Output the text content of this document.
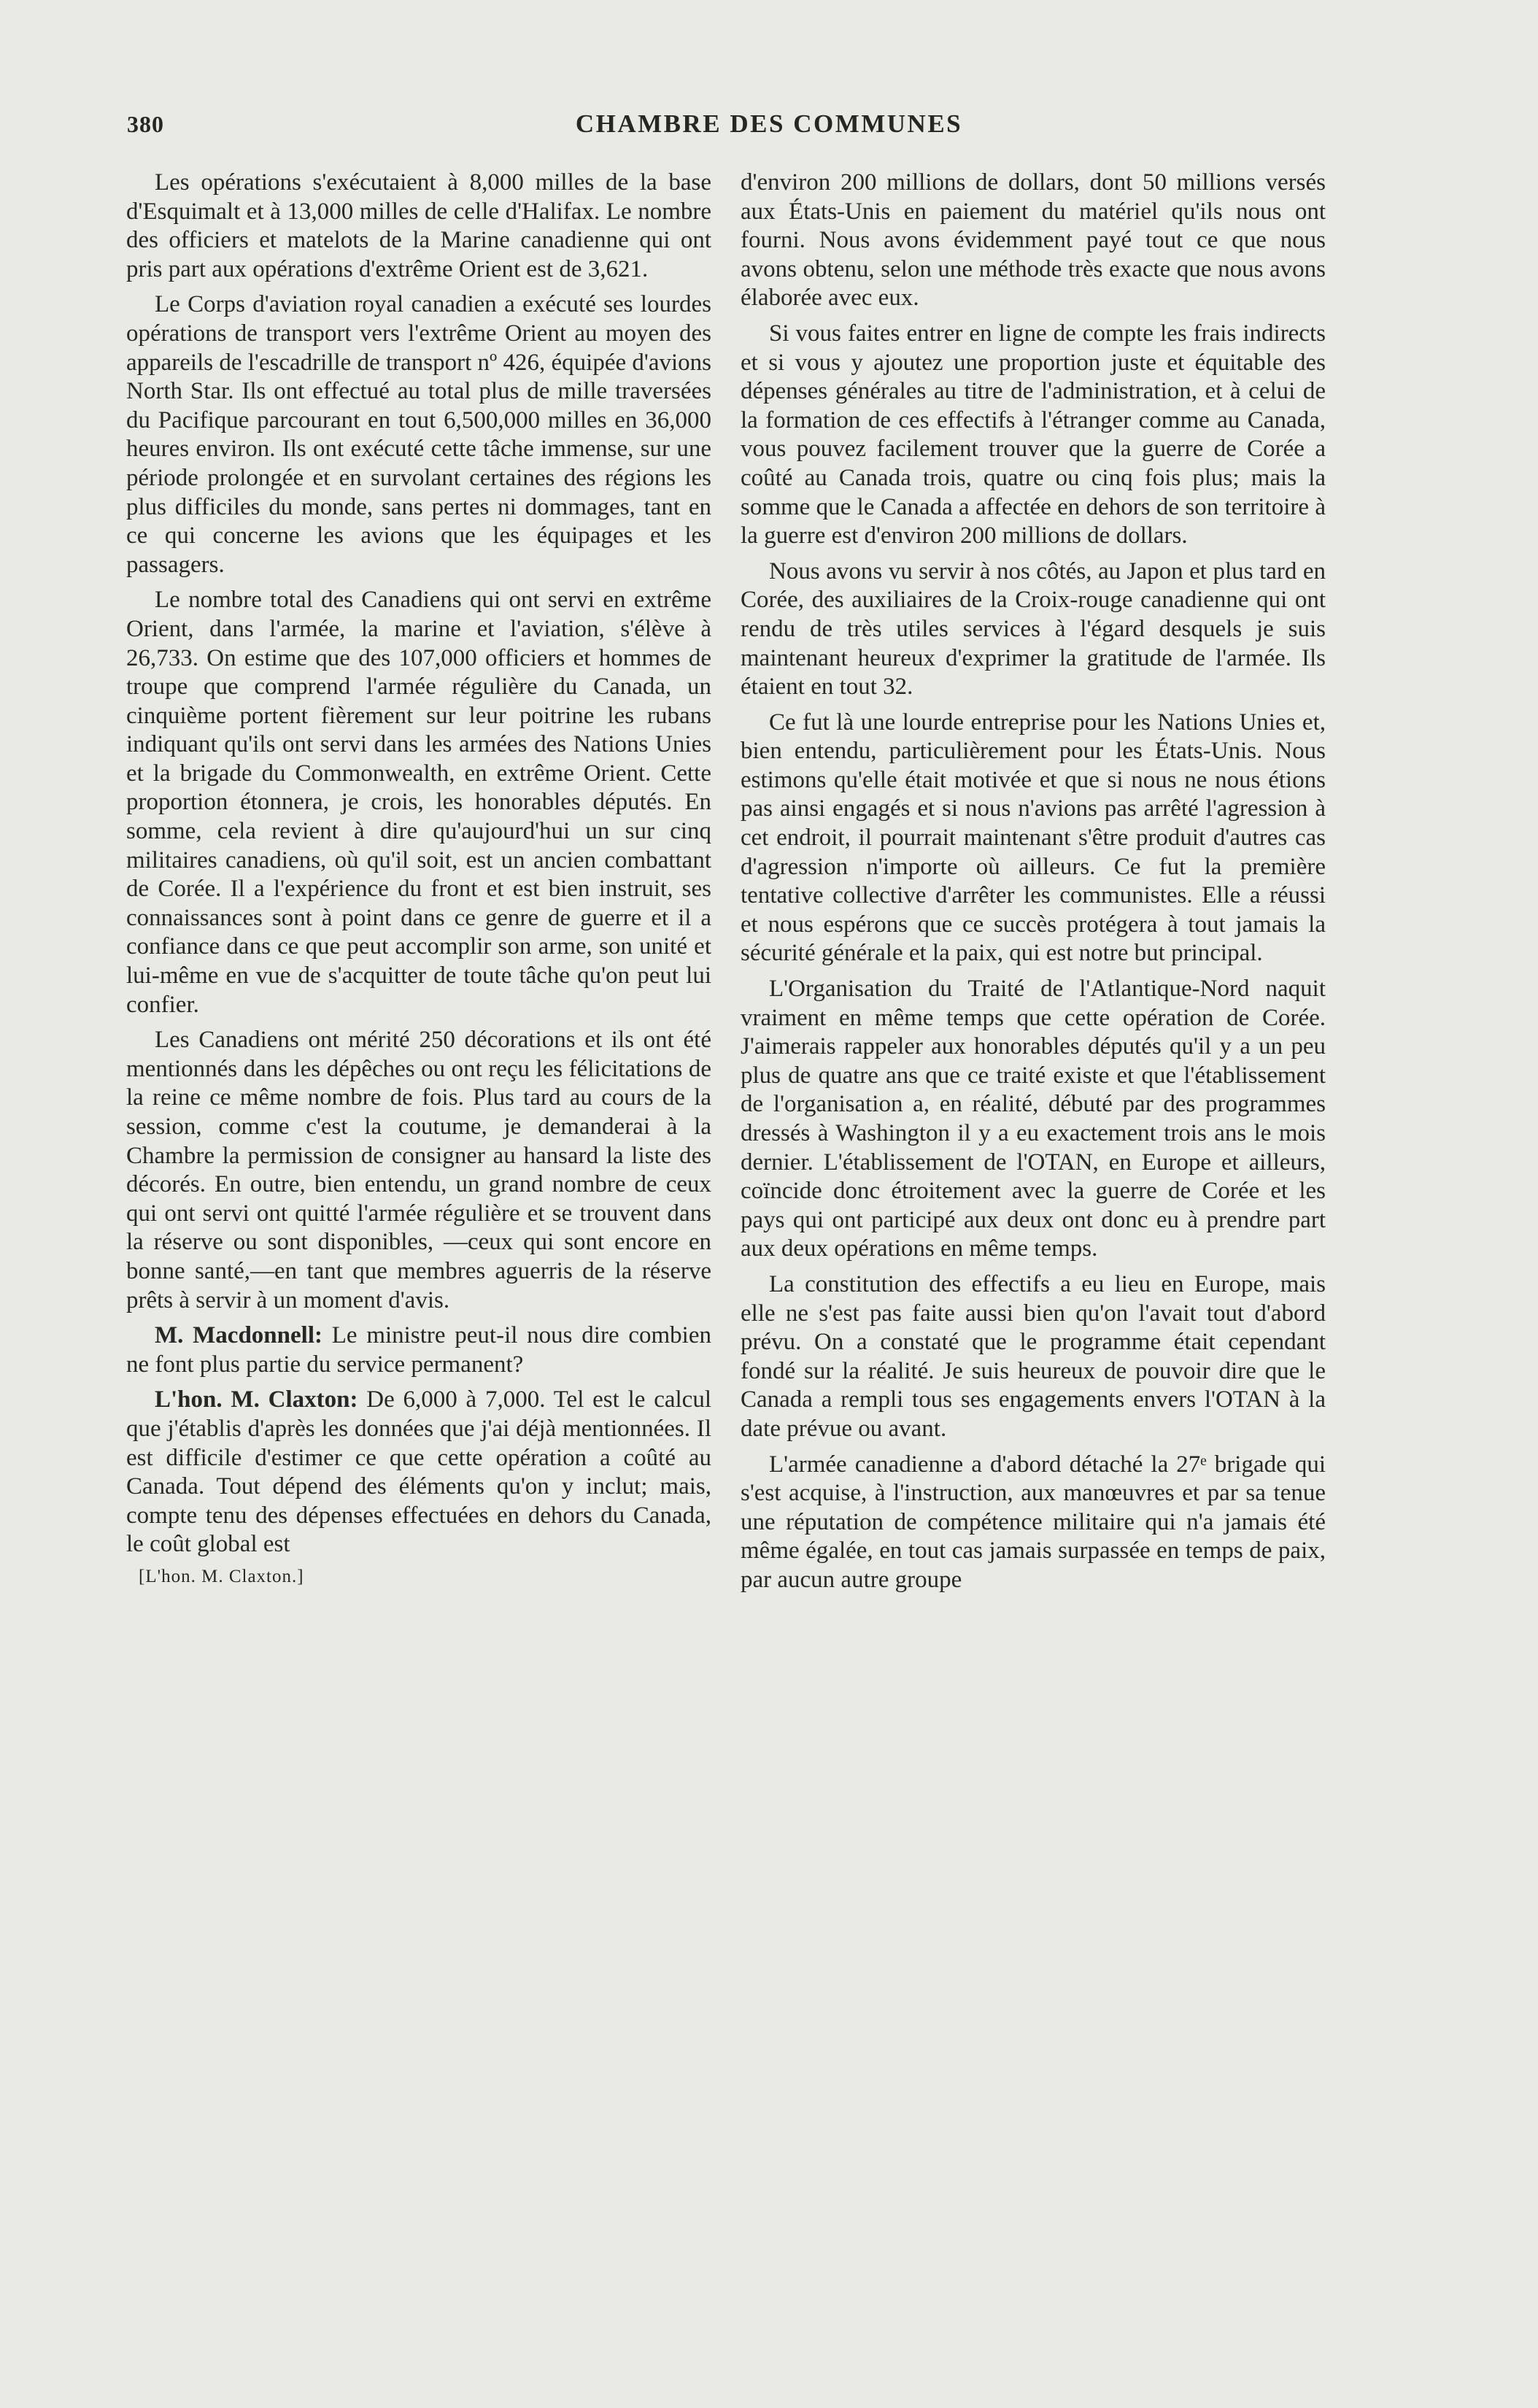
380	CHAMBRE DES COMMUNES

Les opérations s'exécutaient à 8,000 milles de la base d'Esquimalt et à 13,000 milles de celle d'Halifax. Le nombre des officiers et matelots de la Marine canadienne qui ont pris part aux opérations d'extrême Orient est de 3,621.

Le Corps d'aviation royal canadien a exécuté ses lourdes opérations de transport vers l'extrême Orient au moyen des appareils de l'escadrille de transport nº 426, équipée d'avions North Star. Ils ont effectué au total plus de mille traversées du Pacifique parcourant en tout 6,500,000 milles en 36,000 heures environ. Ils ont exécuté cette tâche immense, sur une période prolongée et en survolant certaines des régions les plus difficiles du monde, sans pertes ni dommages, tant en ce qui concerne les avions que les équipages et les passagers.

Le nombre total des Canadiens qui ont servi en extrême Orient, dans l'armée, la marine et l'aviation, s'élève à 26,733. On estime que des 107,000 officiers et hommes de troupe que comprend l'armée régulière du Canada, un cinquième portent fièrement sur leur poitrine les rubans indiquant qu'ils ont servi dans les armées des Nations Unies et la brigade du Commonwealth, en extrême Orient. Cette proportion étonnera, je crois, les honorables députés. En somme, cela revient à dire qu'aujourd'hui un sur cinq militaires canadiens, où qu'il soit, est un ancien combattant de Corée. Il a l'expérience du front et est bien instruit, ses connaissances sont à point dans ce genre de guerre et il a confiance dans ce que peut accomplir son arme, son unité et lui-même en vue de s'acquitter de toute tâche qu'on peut lui confier.

Les Canadiens ont mérité 250 décorations et ils ont été mentionnés dans les dépêches ou ont reçu les félicitations de la reine ce même nombre de fois. Plus tard au cours de la session, comme c'est la coutume, je demanderai à la Chambre la permission de consigner au hansard la liste des décorés. En outre, bien entendu, un grand nombre de ceux qui ont servi ont quitté l'armée régulière et se trouvent dans la réserve ou sont disponibles, —ceux qui sont encore en bonne santé,—en tant que membres aguerris de la réserve prêts à servir à un moment d'avis.

M. Macdonnell: Le ministre peut-il nous dire combien ne font plus partie du service permanent?

L'hon. M. Claxton: De 6,000 à 7,000. Tel est le calcul que j'établis d'après les données que j'ai déjà mentionnées. Il est difficile d'estimer ce que cette opération a coûté au Canada. Tout dépend des éléments qu'on y inclut; mais, compte tenu des dépenses effectuées en dehors du Canada, le coût global est

[L'hon. M. Claxton.]

d'environ 200 millions de dollars, dont 50 millions versés aux États-Unis en paiement du matériel qu'ils nous ont fourni. Nous avons évidemment payé tout ce que nous avons obtenu, selon une méthode très exacte que nous avons élaborée avec eux.

Si vous faites entrer en ligne de compte les frais indirects et si vous y ajoutez une proportion juste et équitable des dépenses générales au titre de l'administration, et à celui de la formation de ces effectifs à l'étranger comme au Canada, vous pouvez facilement trouver que la guerre de Corée a coûté au Canada trois, quatre ou cinq fois plus; mais la somme que le Canada a affectée en dehors de son territoire à la guerre est d'environ 200 millions de dollars.

Nous avons vu servir à nos côtés, au Japon et plus tard en Corée, des auxiliaires de la Croix-rouge canadienne qui ont rendu de très utiles services à l'égard desquels je suis maintenant heureux d'exprimer la gratitude de l'armée. Ils étaient en tout 32.

Ce fut là une lourde entreprise pour les Nations Unies et, bien entendu, particulièrement pour les États-Unis. Nous estimons qu'elle était motivée et que si nous ne nous étions pas ainsi engagés et si nous n'avions pas arrêté l'agression à cet endroit, il pourrait maintenant s'être produit d'autres cas d'agression n'importe où ailleurs. Ce fut la première tentative collective d'arrêter les communistes. Elle a réussi et nous espérons que ce succès protégera à tout jamais la sécurité générale et la paix, qui est notre but principal.

L'Organisation du Traité de l'Atlantique-Nord naquit vraiment en même temps que cette opération de Corée. J'aimerais rappeler aux honorables députés qu'il y a un peu plus de quatre ans que ce traité existe et que l'établissement de l'organisation a, en réalité, débuté par des programmes dressés à Washington il y a eu exactement trois ans le mois dernier. L'établissement de l'OTAN, en Europe et ailleurs, coïncide donc étroitement avec la guerre de Corée et les pays qui ont participé aux deux ont donc eu à prendre part aux deux opérations en même temps.

La constitution des effectifs a eu lieu en Europe, mais elle ne s'est pas faite aussi bien qu'on l'avait tout d'abord prévu. On a constaté que le programme était cependant fondé sur la réalité. Je suis heureux de pouvoir dire que le Canada a rempli tous ses engagements envers l'OTAN à la date prévue ou avant.

L'armée canadienne a d'abord détaché la 27ᵉ brigade qui s'est acquise, à l'instruction, aux manœuvres et par sa tenue une réputation de compétence militaire qui n'a jamais été même égalée, en tout cas jamais surpassée en temps de paix, par aucun autre groupe
